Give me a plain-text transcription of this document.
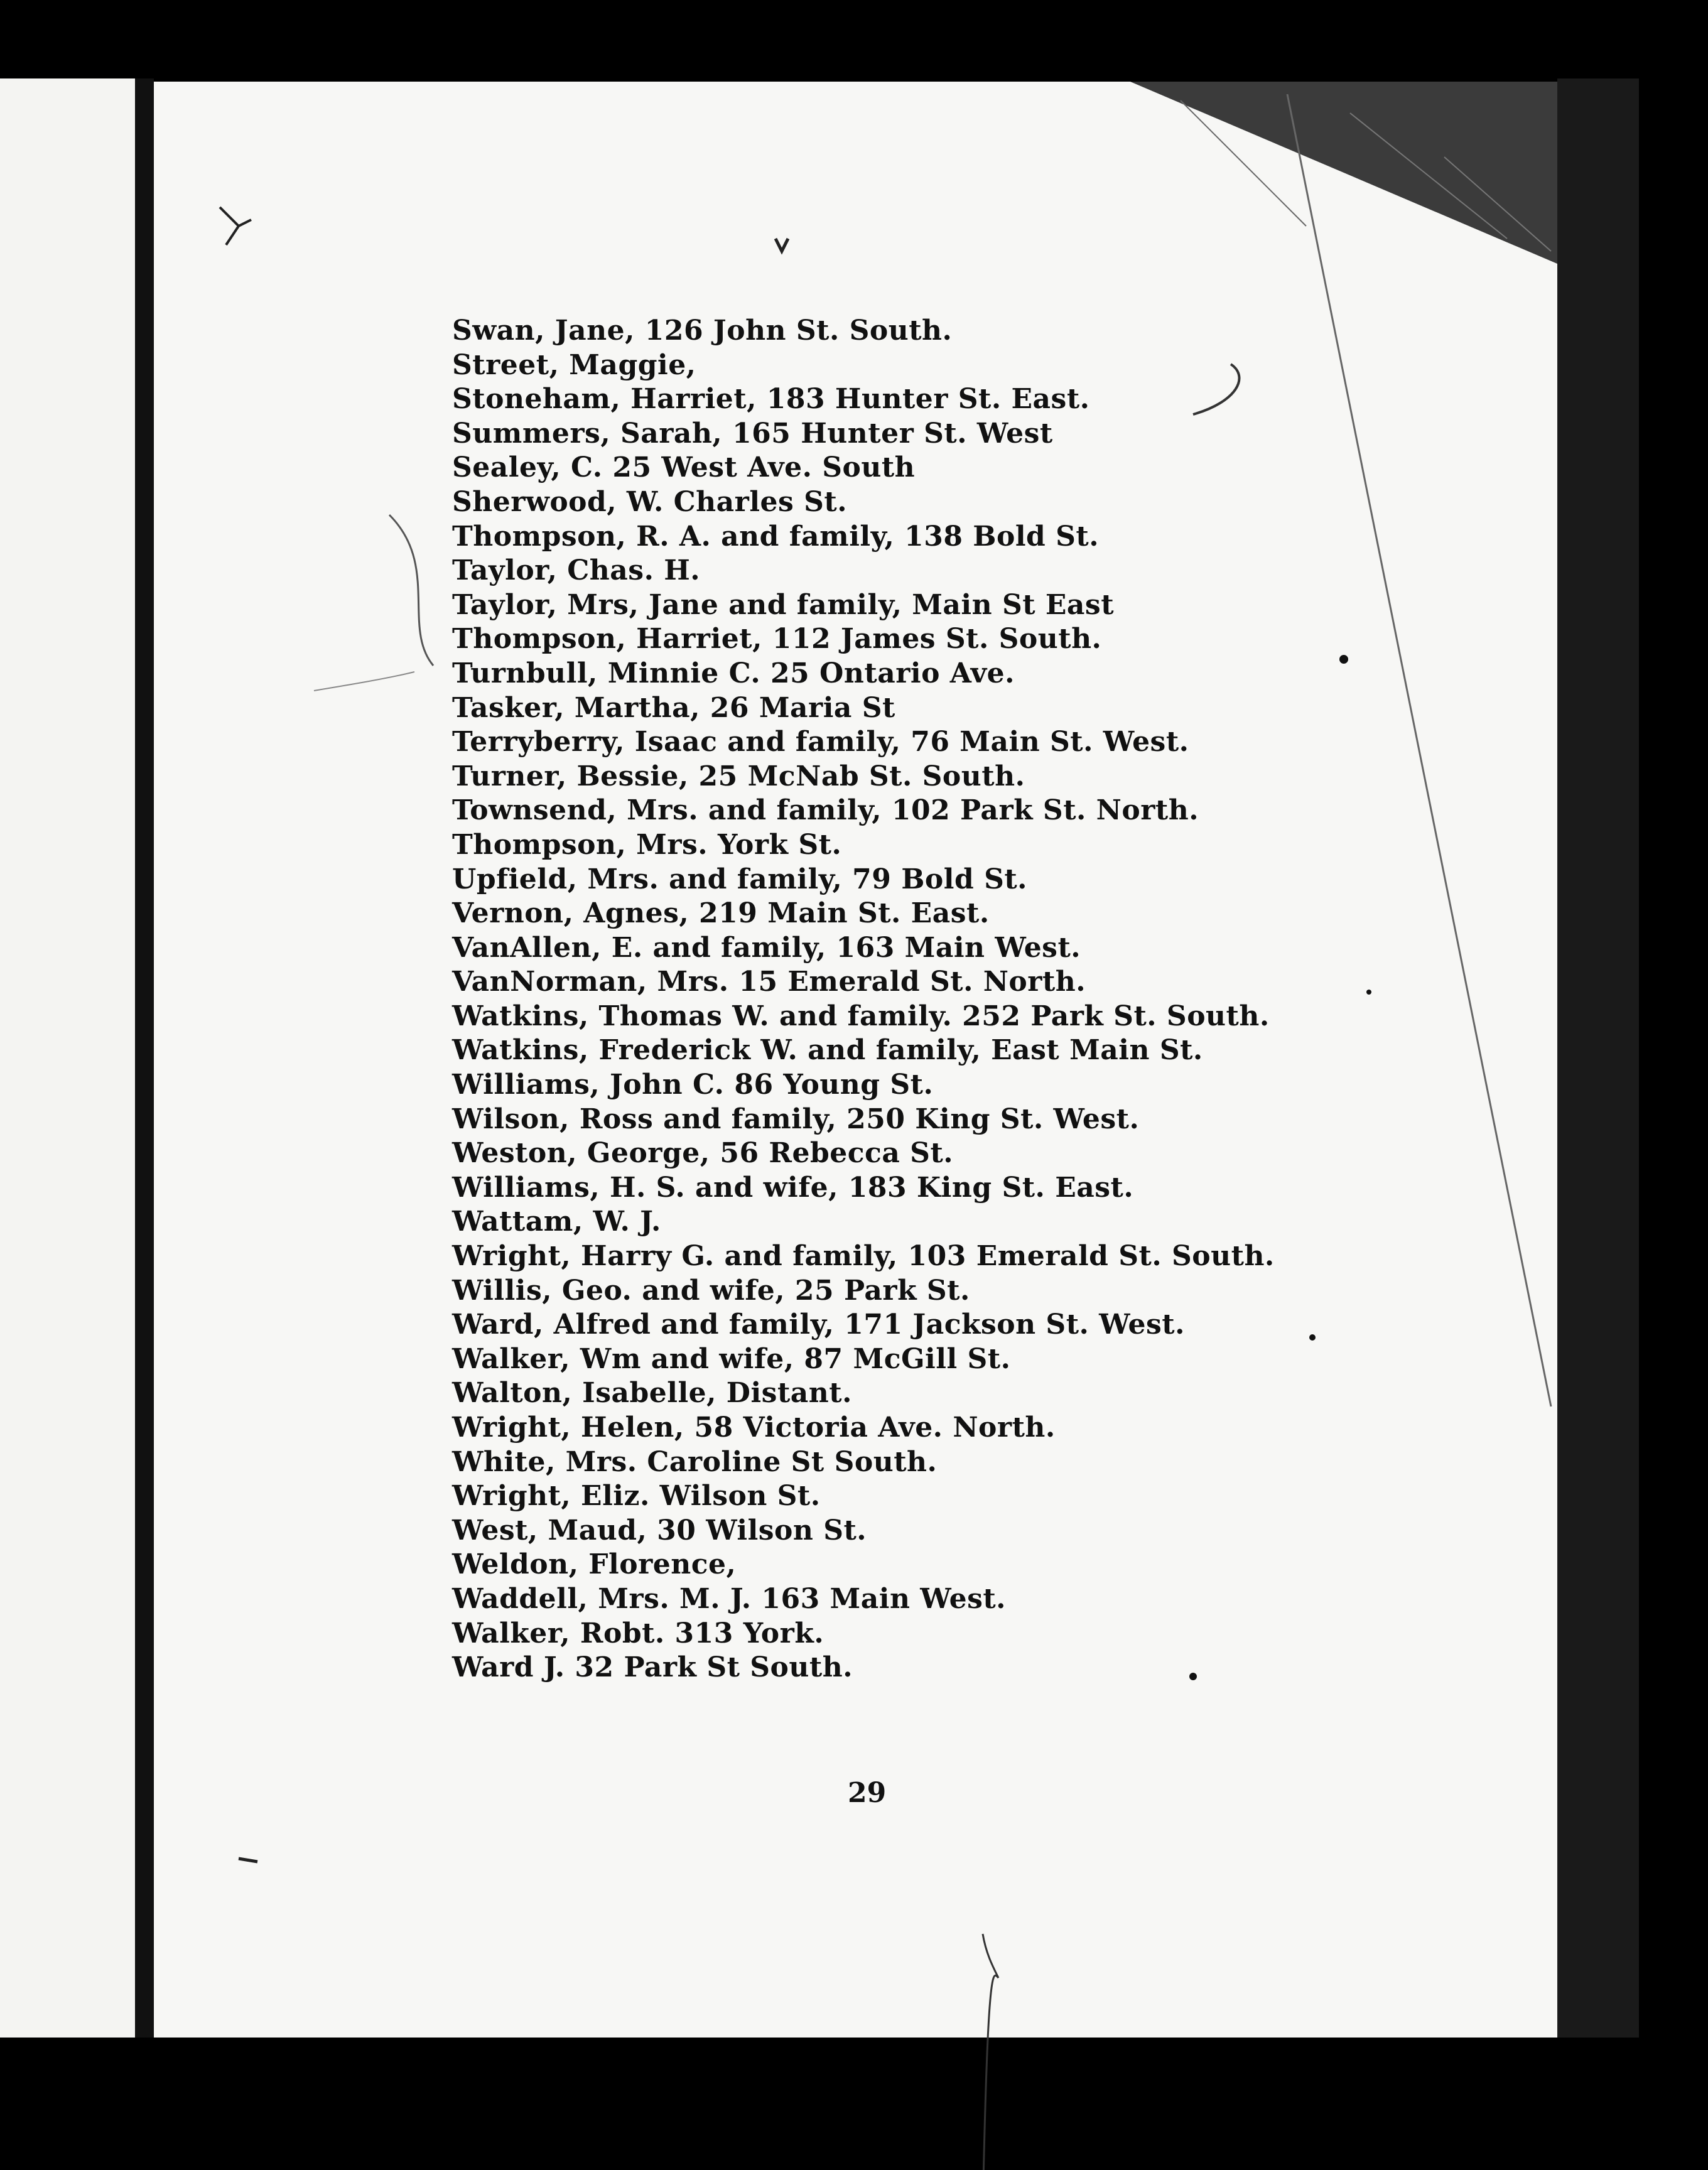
Swan, Jane, 126 John St. South.
Street, Maggie,
Stoneham, Harriet, 183 Hunter St. East.
Summers, Sarah, 165 Hunter St. West
Sealey, C. 25 West Ave. South
Sherwood, W. Charles St.
Thompson, R. A. and family, 138 Bold St.
Taylor, Chas. H.
Taylor, Mrs, Jane and family, Main St East
Thompson, Harriet, 112 James St. South.
Turnbull, Minnie C. 25 Ontario Ave.
Tasker, Martha, 26 Maria St
Terryberry, Isaac and family, 76 Main St. West.
Turner, Bessie, 25 McNab St. South.
Townsend, Mrs. and family, 102 Park St. North.
Thompson, Mrs. York St.
Upfield, Mrs. and family, 79 Bold St.
Vernon, Agnes, 219 Main St. East.
VanAllen, E. and family, 163 Main West.
VanNorman, Mrs. 15 Emerald St. North.
Watkins, Thomas W. and family. 252 Park St. South.
Watkins, Frederick W. and family, East Main St.
Williams, John C. 86 Young St.
Wilson, Ross and family, 250 King St. West.
Weston, George, 56 Rebecca St.
Williams, H. S. and wife, 183 King St. East.
Wattam, W. J.
Wright, Harry G. and family, 103 Emerald St. South.
Willis, Geo. and wife, 25 Park St.
Ward, Alfred and family, 171 Jackson St. West.
Walker, Wm and wife, 87 McGill St.
Walton, Isabelle, Distant.
Wright, Helen, 58 Victoria Ave. North.
White, Mrs. Caroline St South.
Wright, Eliz. Wilson St.
West, Maud, 30 Wilson St.
Weldon, Florence,
Waddell, Mrs. M. J. 163 Main West.
Walker, Robt. 313 York.
Ward J. 32 Park St South.
29
